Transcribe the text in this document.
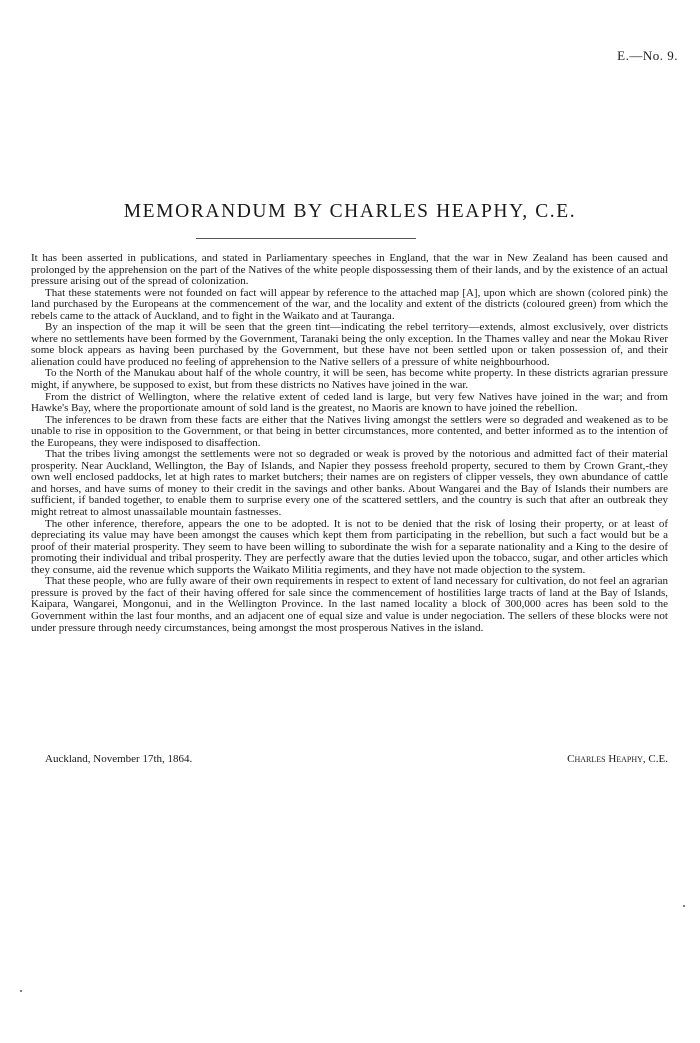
E.—No. 9.
MEMORANDUM BY CHARLES HEAPHY, C.E.

It has been asserted in publications, and stated in Parliamentary speeches in England, that the war in New Zealand has been caused and prolonged by the apprehension on the part of the Natives of the white people dispossessing them of their lands, and by the existence of an actual pressure arising out of the spread of colonization.

That these statements were not founded on fact will appear by reference to the attached map [A], upon which are shown (colored pink) the land purchased by the Europeans at the commencement of the war, and the locality and extent of the districts (coloured green) from which the rebels came to the attack of Auckland, and to fight in the Waikato and at Tauranga.

By an inspection of the map it will be seen that the green tint—indicating the rebel territory—extends, almost exclusively, over districts where no settlements have been formed by the Government, Taranaki being the only exception. In the Thames valley and near the Mokau River some block appears as having been purchased by the Government, but these have not been settled upon or taken possession of, and their alienation could have produced no feeling of apprehension to the Native sellers of a pressure of white neighbourhood.

To the North of the Manukau about half of the whole country, it will be seen, has become white property. In these districts agrarian pressure might, if anywhere, be supposed to exist, but from these districts no Natives have joined in the war.

From the district of Wellington, where the relative extent of ceded land is large, but very few Natives have joined in the war; and from Hawke's Bay, where the proportionate amount of sold land is the greatest, no Maoris are known to have joined the rebellion.

The inferences to be drawn from these facts are either that the Natives living amongst the settlers were so degraded and weakened as to be unable to rise in opposition to the Government, or that being in better circumstances, more contented, and better informed as to the intention of the Europeans, they were indisposed to disaffection.

That the tribes living amongst the settlements were not so degraded or weak is proved by the notorious and admitted fact of their material prosperity. Near Auckland, Wellington, the Bay of Islands, and Napier they possess freehold property, secured to them by Crown Grant,-they own well enclosed paddocks, let at high rates to market butchers; their names are on registers of clipper vessels, they own abundance of cattle and horses, and have sums of money to their credit in the savings and other banks. About Wangarei and the Bay of Islands their numbers are sufficient, if banded together, to enable them to surprise every one of the scattered settlers, and the country is such that after an outbreak they might retreat to almost unassailable mountain fastnesses.

The other inference, therefore, appears the one to be adopted. It is not to be denied that the risk of losing their property, or at least of depreciating its value may have been amongst the causes which kept them from participating in the rebellion, but such a fact would but be a proof of their material prosperity. They seem to have been willing to subordinate the wish for a separate nationality and a King to the desire of promoting their individual and tribal prosperity. They are perfectly aware that the duties levied upon the tobacco, sugar, and other articles which they consume, aid the revenue which supports the Waikato Militia regiments, and they have not made objection to the system.

That these people, who are fully aware of their own requirements in respect to extent of land necessary for cultivation, do not feel an agrarian pressure is proved by the fact of their having offered for sale since the commencement of hostilities large tracts of land at the Bay of Islands, Kaipara, Wangarei, Mongonui, and in the Wellington Province. In the last named locality a block of 300,000 acres has been sold to the Government within the last four months, and an adjacent one of equal size and value is under negociation. The sellers of these blocks were not under pressure through needy circumstances, being amongst the most prosperous Natives in the island.

Auckland, November 17th, 1864.	Charles Heaphy, C.E.
